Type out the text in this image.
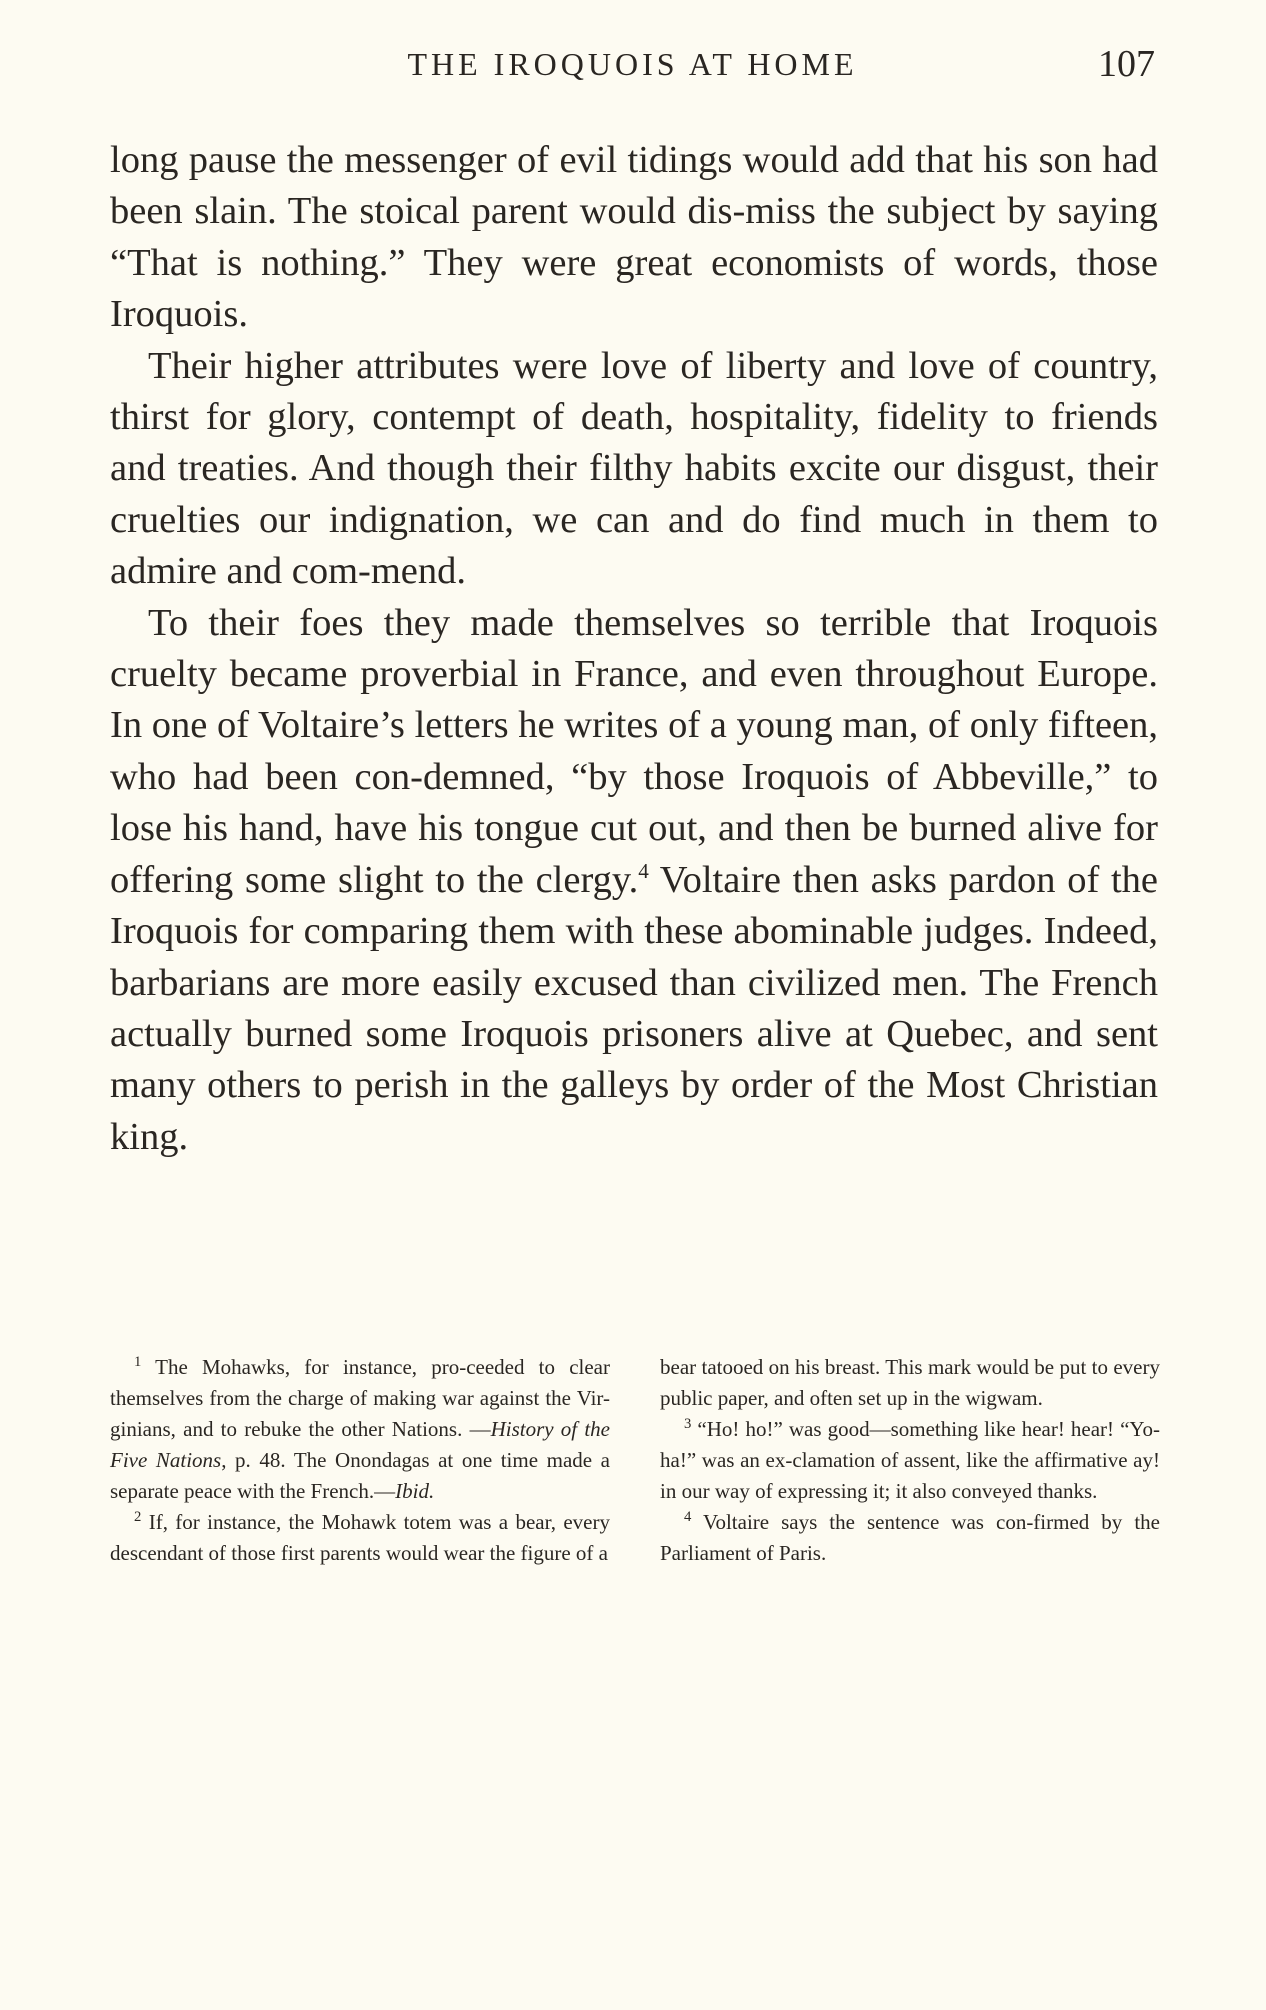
THE IROQUOIS AT HOME	107

long pause the messenger of evil tidings would add that his son had been slain. The stoical parent would dis-miss the subject by saying “That is nothing.” They were great economists of words, those Iroquois.

Their higher attributes were love of liberty and love of country, thirst for glory, contempt of death, hospitality, fidelity to friends and treaties. And though their filthy habits excite our disgust, their cruelties our indignation, we can and do find much in them to admire and com-mend.

To their foes they made themselves so terrible that Iroquois cruelty became proverbial in France, and even throughout Europe. In one of Voltaire’s letters he writes of a young man, of only fifteen, who had been con-demned, “by those Iroquois of Abbeville,” to lose his hand, have his tongue cut out, and then be burned alive for offering some slight to the clergy.$^4$ Voltaire then asks pardon of the Iroquois for comparing them with these abominable judges. Indeed, barbarians are more easily excused than civilized men. The French actually burned some Iroquois prisoners alive at Quebec, and sent many others to perish in the galleys by order of the Most Christian king.

$^1$ The Mohawks, for instance, pro-ceeded to clear themselves from the charge of making war against the Vir-ginians, and to rebuke the other Nations. —History of the Five Nations, p. 48. The Onondagas at one time made a separate peace with the French.—Ibid.

$^2$ If, for instance, the Mohawk totem was a bear, every descendant of those first parents would wear the figure of a

bear tatooed on his breast. This mark would be put to every public paper, and often set up in the wigwam.

$^3$ “Ho! ho!” was good—something like hear! hear! “Yo-ha!” was an ex-clamation of assent, like the affirmative ay! in our way of expressing it; it also conveyed thanks.

$^4$ Voltaire says the sentence was con-firmed by the Parliament of Paris.
